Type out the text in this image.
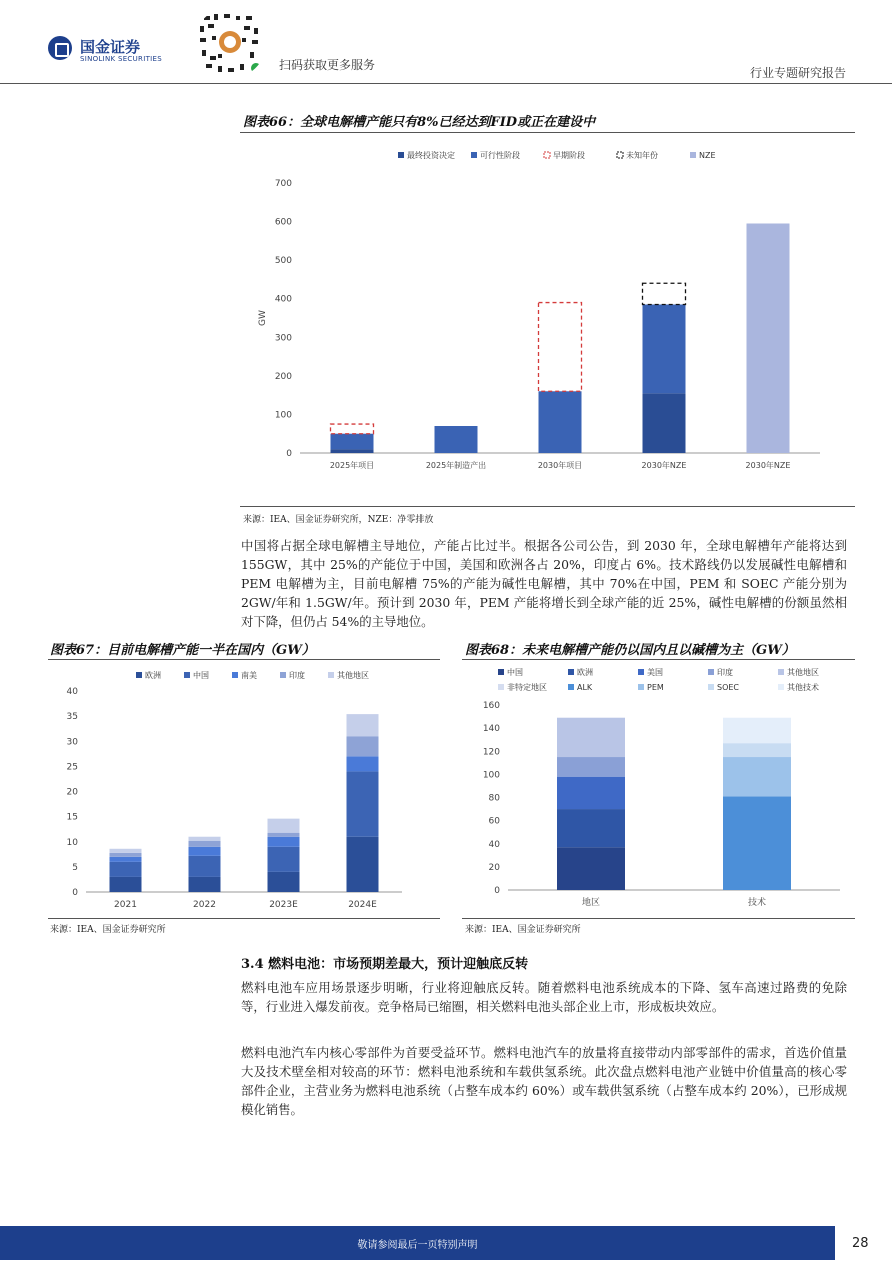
国金证券
SINOLINK SECURITIES	扫码获取更多服务
行业专题研究报告
图表66：全球电解槽产能只有8%已经达到FID或正在建设中
最终投资决定	可行性阶段	早期阶段	未知年份	NZE
0
100
200
300
400
500
600
700
GW
2025年项目	2025年制造产出	2030年项目	2030年NZE	2030年NZE
来源：IEA、国金证券研究所，NZE：净零排放
中国将占据全球电解槽主导地位，产能占比过半。根据各公司公告，到 2030 年，全球电解槽年产能将达到 155GW，其中 25%的产能位于中国，美国和欧洲各占 20%，印度占 6%。技术路线仍以发展碱性电解槽和 PEM 电解槽为主，目前电解槽 75%的产能为碱性电解槽，其中 70%在中国，PEM 和 SOEC 产能分别为 2GW/年和 1.5GW/年。预计到 2030 年，PEM 产能将增长到全球产能的近 25%，碱性电解槽的份额虽然相对下降，但仍占 54%的主导地位。
图表67：目前电解槽产能一半在国内（GW）
欧洲	中国	南美	印度	其他地区
0
5
10
15
20
25
30
35
40
2021	2022	2023E	2024E
来源：IEA、国金证券研究所
图表68：未来电解槽产能仍以国内且以碱槽为主（GW）
中国	欧洲	美国	印度	其他地区
非特定地区	ALK	PEM	SOEC	其他技术
0
20
40
60
80
100
120
140
160
地区	技术
来源：IEA、国金证券研究所
3.4 燃料电池：市场预期差最大，预计迎触底反转
燃料电池车应用场景逐步明晰，行业将迎触底反转。随着燃料电池系统成本的下降、氢车高速过路费的免除等，行业进入爆发前夜。竞争格局已缩圈，相关燃料电池头部企业上市，形成板块效应。
燃料电池汽车内核心零部件为首要受益环节。燃料电池汽车的放量将直接带动内部零部件的需求，首选价值量大及技术壁垒相对较高的环节：燃料电池系统和车载供氢系统。此次盘点燃料电池产业链中价值量高的核心零部件企业，主营业务为燃料电池系统（占整车成本约 60%）或车载供氢系统（占整车成本约 20%），已形成规模化销售。
敬请参阅最后一页特别声明	28
